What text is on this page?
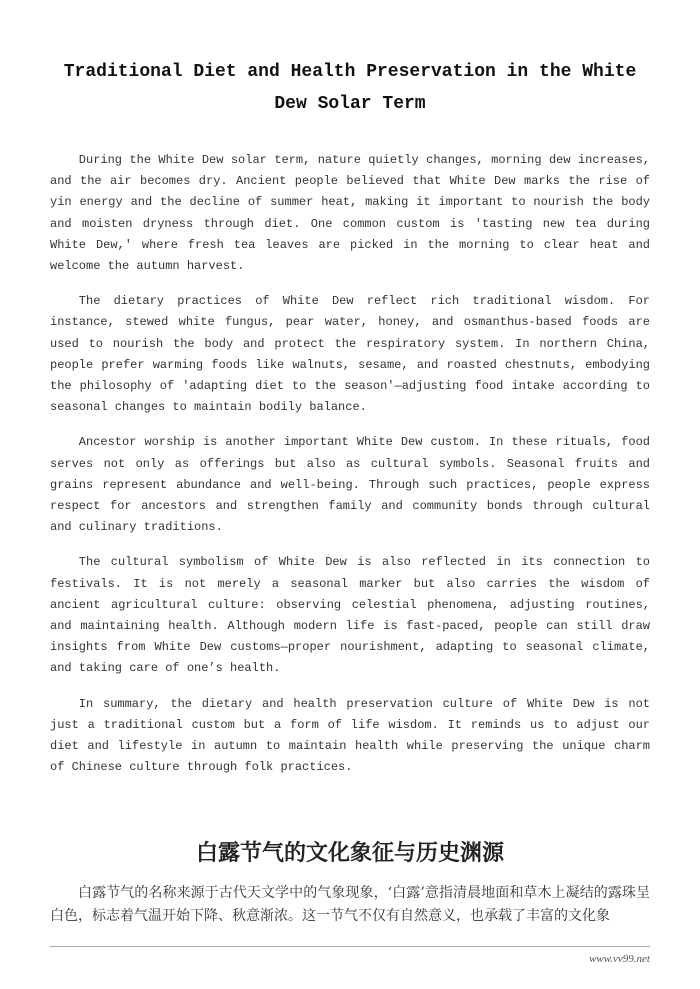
Traditional Diet and Health Preservation in the White Dew Solar Term

During the White Dew solar term, nature quietly changes, morning dew increases, and the air becomes dry. Ancient people believed that White Dew marks the rise of yin energy and the decline of summer heat, making it important to nourish the body and moisten dryness through diet. One common custom is 'tasting new tea during White Dew,' where fresh tea leaves are picked in the morning to clear heat and welcome the autumn harvest.

The dietary practices of White Dew reflect rich traditional wisdom. For instance, stewed white fungus, pear water, honey, and osmanthus-based foods are used to nourish the body and protect the respiratory system. In northern China, people prefer warming foods like walnuts, sesame, and roasted chestnuts, embodying the philosophy of 'adapting diet to the season'—adjusting food intake according to seasonal changes to maintain bodily balance.

Ancestor worship is another important White Dew custom. In these rituals, food serves not only as offerings but also as cultural symbols. Seasonal fruits and grains represent abundance and well-being. Through such practices, people express respect for ancestors and strengthen family and community bonds through cultural and culinary traditions.

The cultural symbolism of White Dew is also reflected in its connection to festivals. It is not merely a seasonal marker but also carries the wisdom of ancient agricultural culture: observing celestial phenomena, adjusting routines, and maintaining health. Although modern life is fast-paced, people can still draw insights from White Dew customs—proper nourishment, adapting to seasonal climate, and taking care of one’s health.

In summary, the dietary and health preservation culture of White Dew is not just a traditional custom but a form of life wisdom. It reminds us to adjust our diet and lifestyle in autumn to maintain health while preserving the unique charm of Chinese culture through folk practices.

白露节气的文化象征与历史渊源

白露节气的名称来源于古代天文学中的气象现象，‘白露’意指清晨地面和草木上凝结的露珠呈白色，标志着气温开始下降、秋意渐浓。这一节气不仅有自然意义，也承载了丰富的文化象

www.vv99.net
